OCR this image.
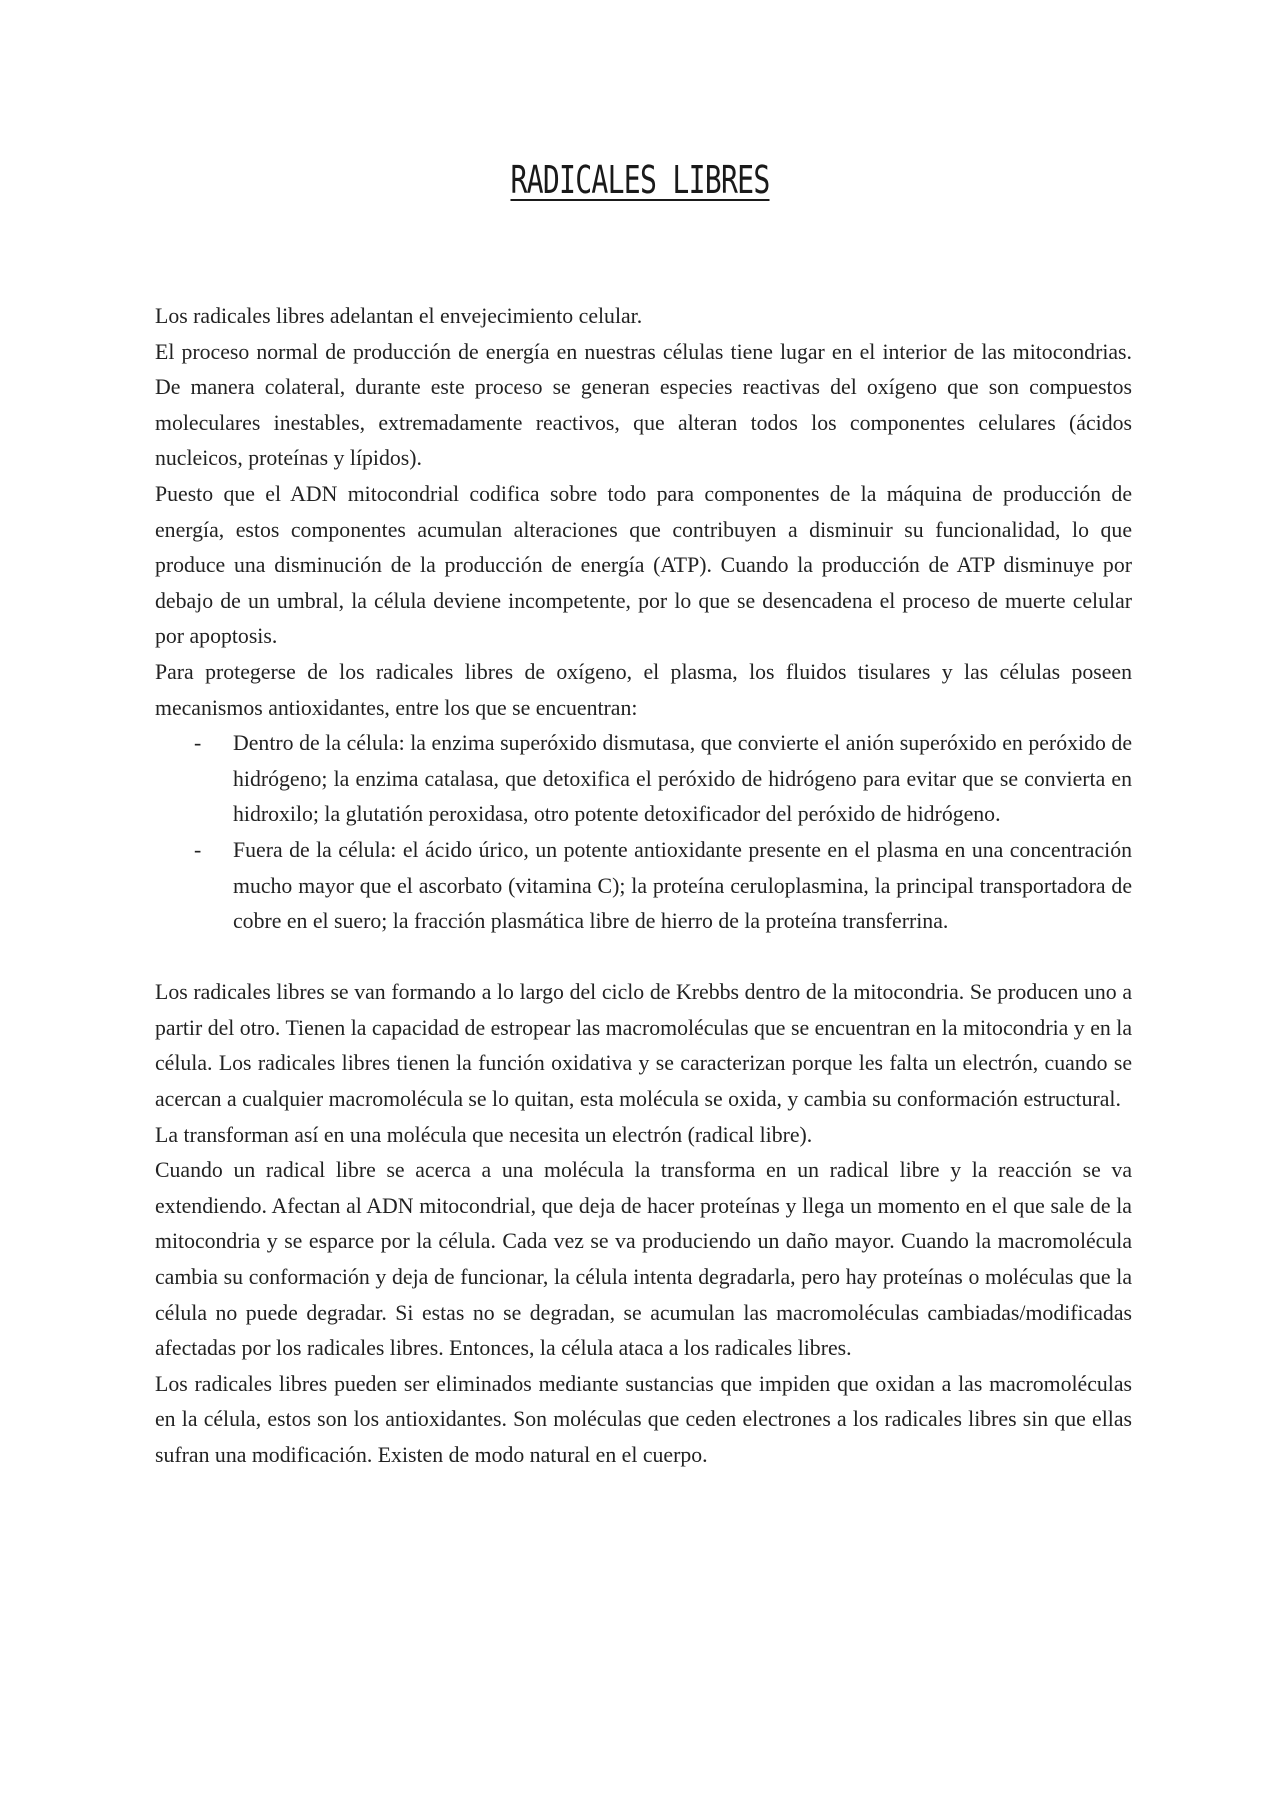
RADICALES LIBRES

Los radicales libres adelantan el envejecimiento celular.

El proceso normal de producción de energía en nuestras células tiene lugar en el interior de las mitocondrias. De manera colateral, durante este proceso se generan especies reactivas del oxígeno que son compuestos moleculares inestables, extremadamente reactivos, que alteran todos los componentes celulares (ácidos nucleicos, proteínas y lípidos).

Puesto que el ADN mitocondrial codifica sobre todo para componentes de la máquina de producción de energía, estos componentes acumulan alteraciones que contribuyen a disminuir su funcionalidad, lo que produce una disminución de la producción de energía (ATP). Cuando la producción de ATP disminuye por debajo de un umbral, la célula deviene incompetente, por lo que se desencadena el proceso de muerte celular por apoptosis.

Para protegerse de los radicales libres de oxígeno, el plasma, los fluidos tisulares y las células poseen mecanismos antioxidantes, entre los que se encuentran:

- Dentro de la célula: la enzima superóxido dismutasa, que convierte el anión superóxido en peróxido de hidrógeno; la enzima catalasa, que detoxifica el peróxido de hidrógeno para evitar que se convierta en hidroxilo; la glutatión peroxidasa, otro potente detoxificador del peróxido de hidrógeno.
- Fuera de la célula: el ácido úrico, un potente antioxidante presente en el plasma en una concentración mucho mayor que el ascorbato (vitamina C); la proteína ceruloplasmina, la principal transportadora de cobre en el suero; la fracción plasmática libre de hierro de la proteína transferrina.

Los radicales libres se van formando a lo largo del ciclo de Krebbs dentro de la mitocondria. Se producen uno a partir del otro. Tienen la capacidad de estropear las macromoléculas que se encuentran en la mitocondria y en la célula. Los radicales libres tienen la función oxidativa y se caracterizan porque les falta un electrón, cuando se acercan a cualquier macromolécula se lo quitan, esta molécula se oxida, y cambia su conformación estructural.

La transforman así en una molécula que necesita un electrón (radical libre).

Cuando un radical libre se acerca a una molécula la transforma en un radical libre y la reacción se va extendiendo. Afectan al ADN mitocondrial, que deja de hacer proteínas y llega un momento en el que sale de la mitocondria y se esparce por la célula. Cada vez se va produciendo un daño mayor. Cuando la macromolécula cambia su conformación y deja de funcionar, la célula intenta degradarla, pero hay proteínas o moléculas que la célula no puede degradar. Si estas no se degradan, se acumulan las macromoléculas cambiadas/modificadas afectadas por los radicales libres. Entonces, la célula ataca a los radicales libres.

Los radicales libres pueden ser eliminados mediante sustancias que impiden que oxidan a las macromoléculas en la célula, estos son los antioxidantes. Son moléculas que ceden electrones a los radicales libres sin que ellas sufran una modificación. Existen de modo natural en el cuerpo.
